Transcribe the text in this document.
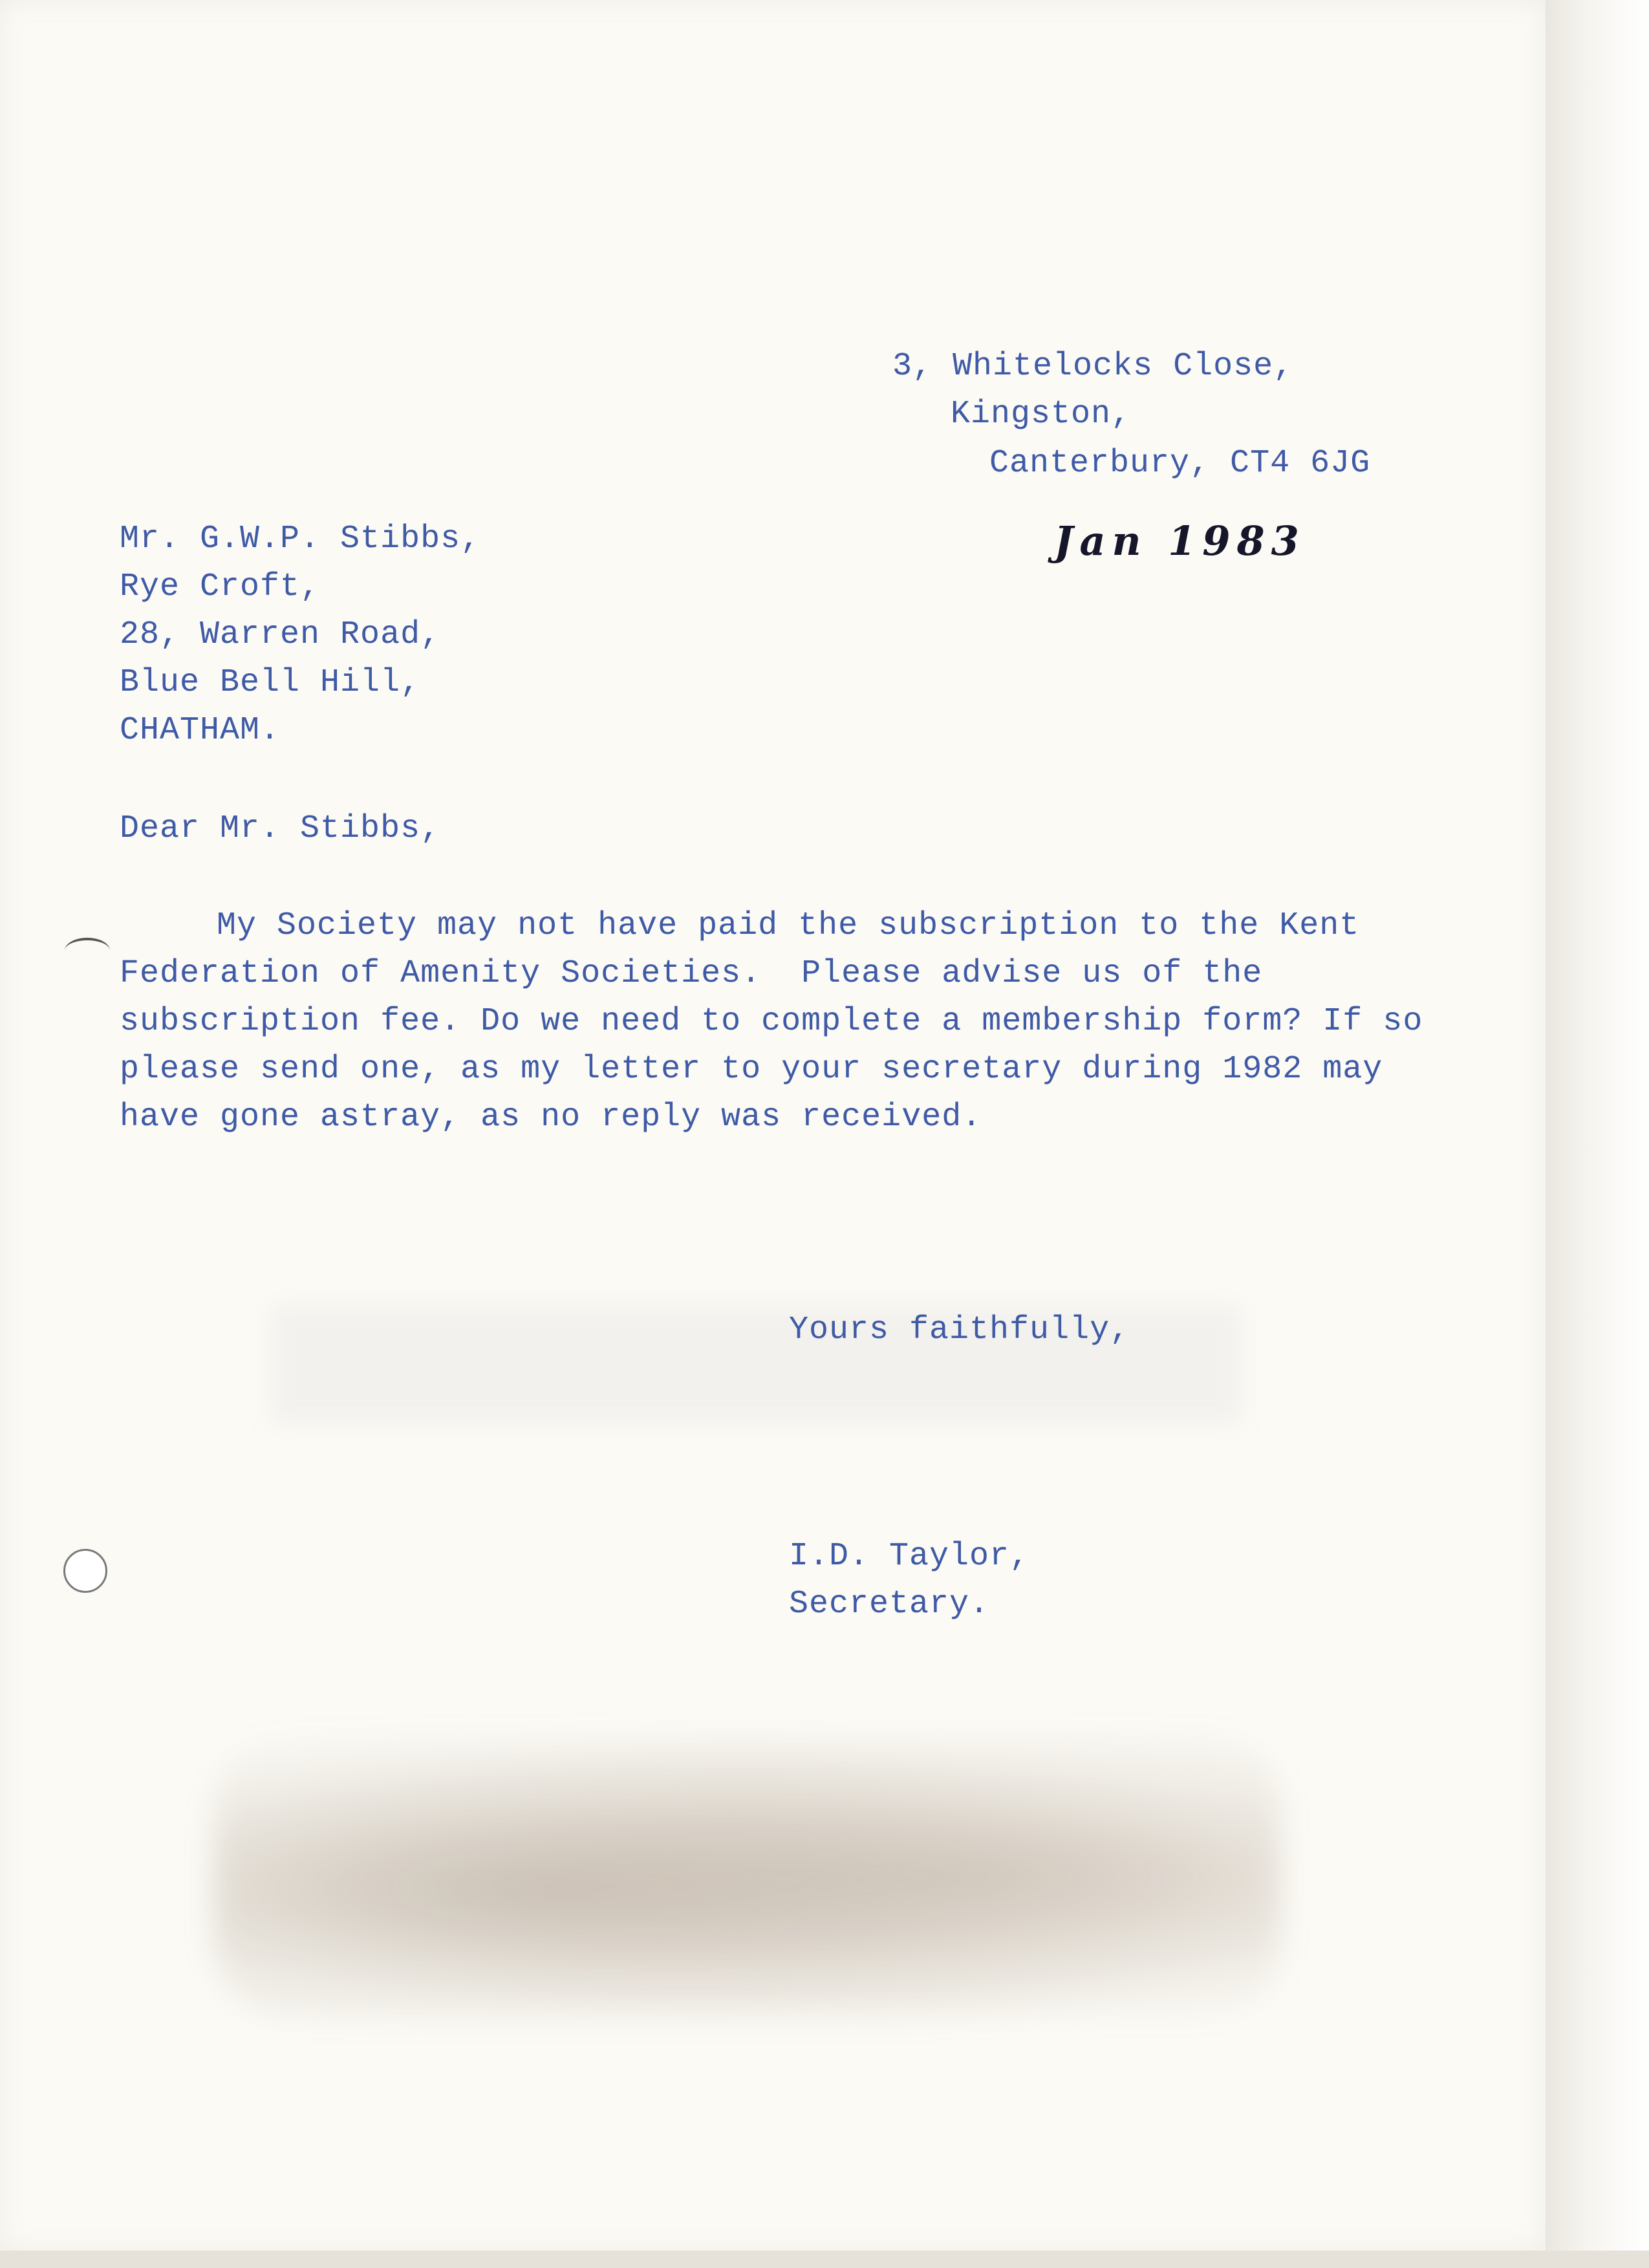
3, Whitelocks Close,
Kingston,
Canterbury, CT4 6JG
Jan 1983
Mr. G.W.P. Stibbs,
Rye Croft,
28, Warren Road,
Blue Bell Hill,
CHATHAM.
Dear Mr. Stibbs,
My Society may not have paid the subscription to the Kent
Federation of Amenity Societies.  Please advise us of the
subscription fee. Do we need to complete a membership form? If so
please send one, as my letter to your secretary during 1982 may
have gone astray, as no reply was received.
Yours faithfully,
I.D. Taylor,
Secretary.
